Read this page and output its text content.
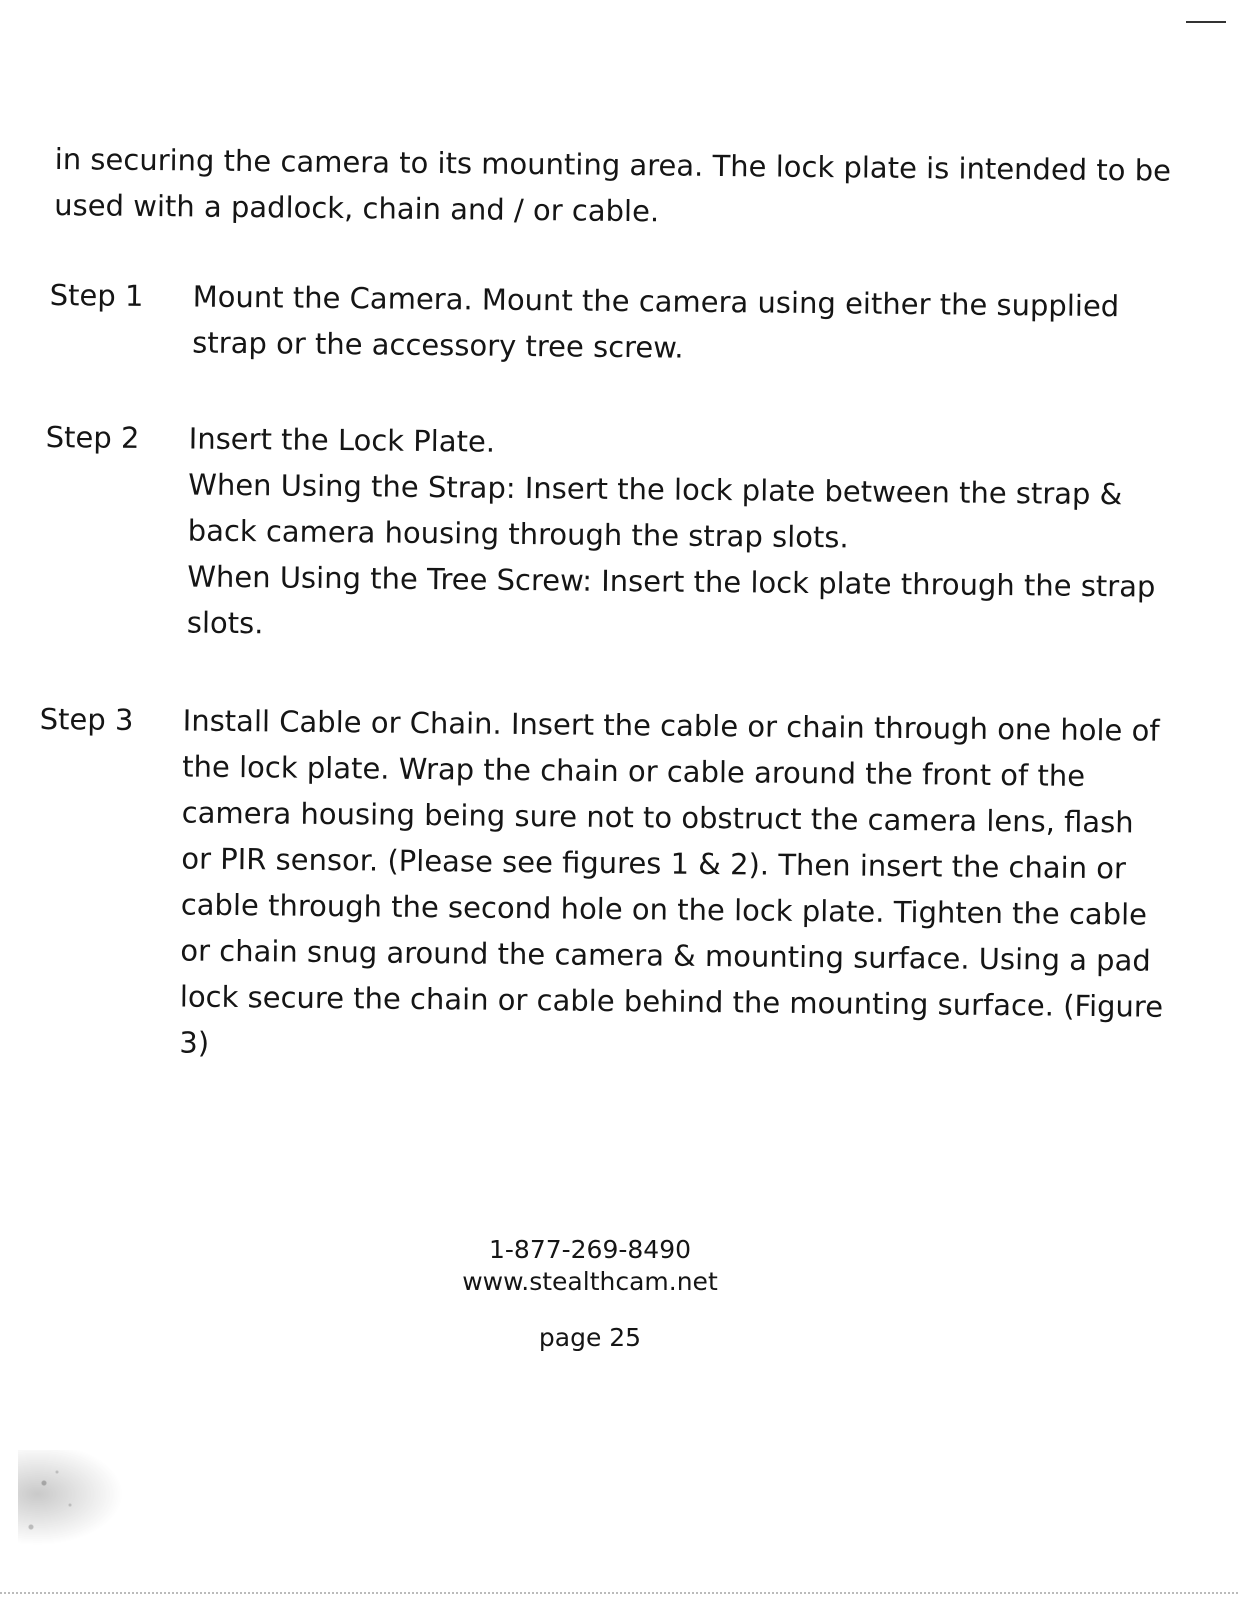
in securing the camera to its mounting area. The lock plate is intended to be used with a padlock, chain and / or cable.

Step 1 Mount the Camera. Mount the camera using either the supplied strap or the accessory tree screw.

Step 2 Insert the Lock Plate.

When Using the Strap: Insert the lock plate between the strap & back camera housing through the strap slots.

When Using the Tree Screw: Insert the lock plate through the strap slots.

Step 3 Install Cable or Chain. Insert the cable or chain through one hole of the lock plate. Wrap the chain or cable around the front of the camera housing being sure not to obstruct the camera lens, flash or PIR sensor. (Please see figures 1 & 2). Then insert the chain or cable through the second hole on the lock plate. Tighten the cable or chain snug around the camera & mounting surface. Using a pad lock secure the chain or cable behind the mounting surface. (Figure 3)

1-877-269-8490
www.stealthcam.net
page 25
